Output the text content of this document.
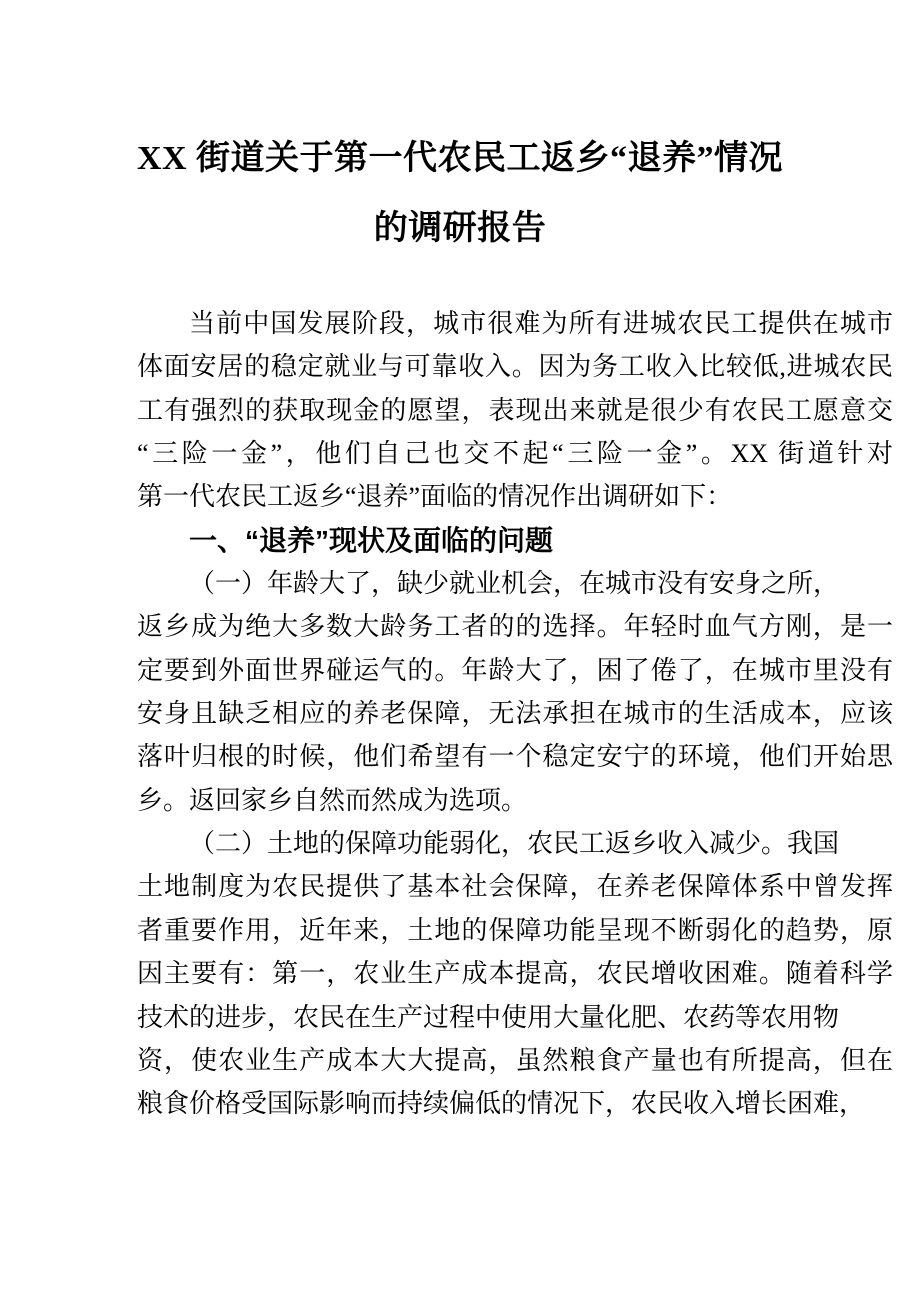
XX 街道关于第一代农民工返乡“退养”情况
的调研报告
当前中国发展阶段，城市很难为所有进城农民工提供在城市
体面安居的稳定就业与可靠收入。因为务工收入比较低,进城农民
工有强烈的获取现金的愿望，表现出来就是很少有农民工愿意交
“三险一金”，他们自己也交不起“三险一金”。XX 街道针对
第一代农民工返乡“退养”面临的情况作出调研如下：
一、“退养”现状及面临的问题
（一）年龄大了，缺少就业机会，在城市没有安身之所，
返乡成为绝大多数大龄务工者的的选择。年轻时血气方刚，是一
定要到外面世界碰运气的。年龄大了，困了倦了，在城市里没有
安身且缺乏相应的养老保障，无法承担在城市的生活成本，应该
落叶归根的时候，他们希望有一个稳定安宁的环境，他们开始思
乡。返回家乡自然而然成为选项。
（二）土地的保障功能弱化，农民工返乡收入减少。我国
土地制度为农民提供了基本社会保障，在养老保障体系中曾发挥
者重要作用，近年来，土地的保障功能呈现不断弱化的趋势，原
因主要有：第一，农业生产成本提高，农民增收困难。随着科学
技术的进步，农民在生产过程中使用大量化肥、农药等农用物
资，使农业生产成本大大提高，虽然粮食产量也有所提高，但在
粮食价格受国际影响而持续偏低的情况下，农民收入增长困难，
